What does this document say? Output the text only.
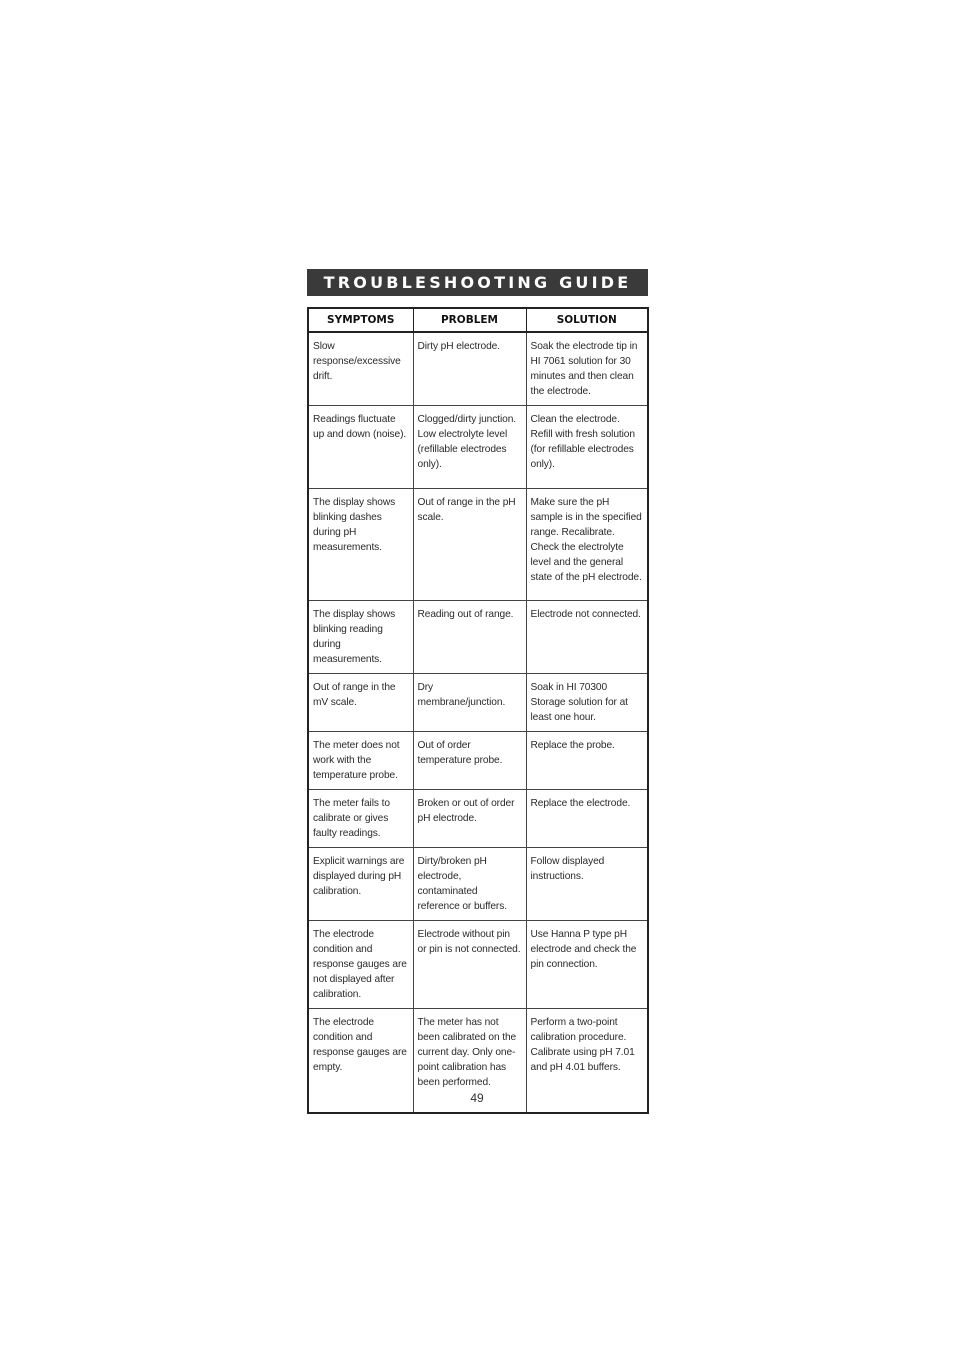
TROUBLESHOOTING GUIDE
SYMPTOMS	PROBLEM	SOLUTION
Slow response/excessive drift.	Dirty pH electrode.	Soak the electrode tip in HI 7061 solution for 30 minutes and then clean the electrode.
Readings fluctuate up and down (noise).	Clogged/dirty junction. Low electrolyte level (refillable electrodes only).	Clean the electrode. Refill with fresh solution (for refillable electrodes only).
The display shows blinking dashes during pH measurements.	Out of range in the pH scale.	Make sure the pH sample is in the specified range. Recalibrate. Check the electrolyte level and the general state of the pH electrode.
The display shows blinking reading during measurements.	Reading out of range.	Electrode not connected.
Out of range in the mV scale.	Dry membrane/junction.	Soak in HI 70300 Storage solution for at least one hour.
The meter does not work with the temperature probe.	Out of order temperature probe.	Replace the probe.
The meter fails to calibrate or gives faulty readings.	Broken or out of order pH electrode.	Replace the electrode.
Explicit warnings are displayed during pH calibration.	Dirty/broken pH electrode, contaminated reference or buffers.	Follow displayed instructions.
The electrode condition and response gauges are not displayed after calibration.	Electrode without pin or pin is not connected.	Use Hanna P type pH electrode and check the pin connection.
The electrode condition and response gauges are empty.	The meter has not been calibrated on the current day. Only one-point calibration has been performed.	Perform a two-point calibration procedure. Calibrate using pH 7.01 and pH 4.01 buffers.
49
